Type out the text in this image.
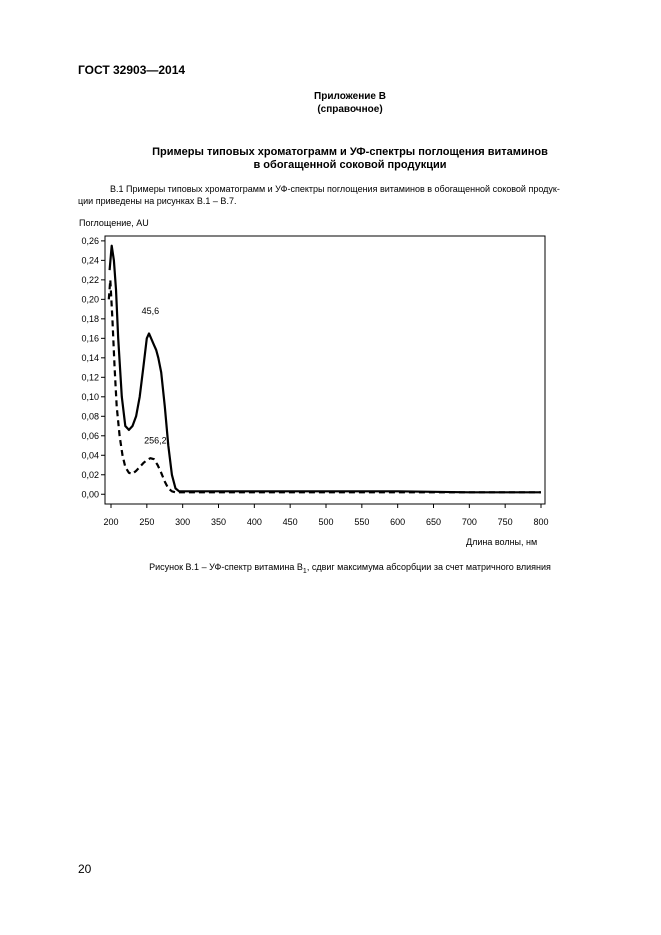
ГОСТ 32903—2014
Приложение В
(справочное)
Примеры типовых хроматограмм и УФ-спектры поглощения витаминов
в обогащенной соковой продукции
В.1 Примеры типовых хроматограмм и УФ-спектры поглощения витаминов в обогащенной соковой продук-
ции приведены на рисунках В.1 – В.7.
Поглощение, AU
200 250 300 350 400 450 500 550 600 650 700 750 800
0,00
0,02
0,04
0,06
0,08
0,10
0,12
0,14
0,16
0,18
0,20
0,22
0,24
0,26
45,6
256,2
Длина волны, нм
Рисунок В.1 – УФ-спектр витамина $В_1$, сдвиг максимума абсорбции за счет матричного влияния
20
